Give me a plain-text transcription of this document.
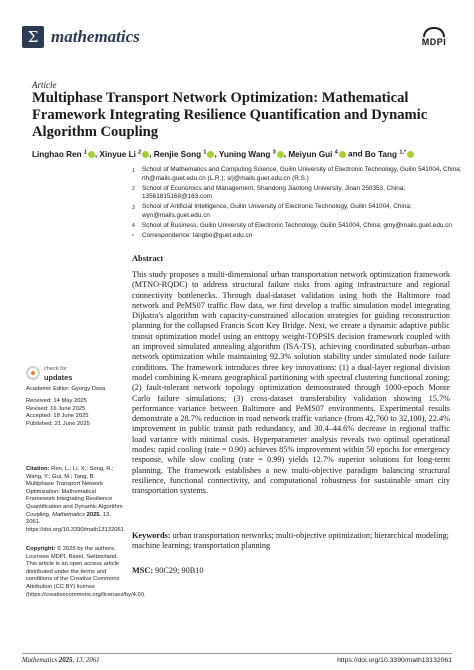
Σ mathematics	MDPI
Article
Multiphase Transport Network Optimization: Mathematical Framework Integrating Resilience Quantification and Dynamic Algorithm Coupling
Linghao Ren $^1$ , Xinyue Li $^2$ , Renjie Song $^1$ , Yuning Wang $^3$ , Meiyun Gui $^4$ and Bo Tang $^{1,*}$
1	School of Mathematics and Computing Science, Guilin University of Electronic Technology, Guilin 541004, China; rlh@mails.guet.edu.cn (L.R.); srj@mails.guet.edu.cn (R.S.)
2	School of Economics and Management, Shandong Jiaotong University, Jinan 250353, China; 13561815168@163.com
3	School of Artificial Intelligence, Guilin University of Electronic Technology, Guilin 541004, China; wyn@mails.guet.edu.cn
4	School of Business, Guilin University of Electronic Technology, Guilin 541004, China; gmy@mails.guet.edu.cn
*	Correspondence: tangbo@guet.edu.cn
Abstract

This study proposes a multi-dimensional urban transportation network optimization framework (MTNO-RQDC) to address structural failure risks from aging infrastructure and regional connectivity bottlenecks. Through dual-dataset validation using both the Baltimore road network and PeMS07 traffic flow data, we first develop a traffic simulation model integrating Dijkstra's algorithm with capacity-constrained allocation strategies for guiding reconstruction planning for the collapsed Francis Scott Key Bridge. Next, we create a dynamic adaptive public transit optimization model using an entropy weight-TOPSIS decision framework coupled with an improved simulated annealing algorithm (ISA-TS), achieving coordinated suburban–urban network optimization while maintaining 92.3% solution stability under simulated node failure conditions. The framework introduces three key innovations: (1) a dual-layer regional division model combining K-means geographical partitioning with spectral clustering functional zoning; (2) fault-tolerant network topology optimization demonstrated through 1000-epoch Monte Carlo failure simulations; (3) cross-dataset transferability validation showing 15.7% performance variance between Baltimore and PeMS07 environments. Experimental results demonstrate a 28.7% reduction in road network traffic variance (from 42,760 to 32,100), 22.4% improvement in public transit path redundancy, and 30.4–44.6% decrease in regional traffic load variance with minimal costs. Hyperparameter analysis reveals two optimal operational modes: rapid cooling (rate = 0.90) achieves 85% improvement within 50 epochs for emergency response, while slow cooling (rate = 0.99) yields 12.7% superior solutions for long-term planning. The framework establishes a new multi-objective paradigm balancing structural resilience, functional connectivity, and computational robustness for sustainable smart city transportation systems.

Keywords: urban transportation networks; multi-objective optimization; hierarchical modeling; machine learning; transportation planning

MSC: 90C29; 90B10

check for
updates
Academic Editor: Gyorgy Dosa
Received: 14 May 2025
Revised: 16 June 2025
Accepted: 18 June 2025
Published: 21 June 2025
Citation: Ren, L.; Li, X.; Song, R.; Wang, Y.; Gui, M.; Tang, B. Multiphase Transport Network Optimization: Mathematical Framework Integrating Resilience Quantification and Dynamic Algorithm Coupling. Mathematics 2025, 13, 2061. https://doi.org/10.3390/math13132061
Copyright: © 2025 by the authors. Licensee MDPI, Basel, Switzerland. This article is an open access article distributed under the terms and conditions of the Creative Commons Attribution (CC BY) license (https://creativecommons.org/licenses/by/4.0/).
Mathematics 2025, 13, 2061	https://doi.org/10.3390/math13132061
